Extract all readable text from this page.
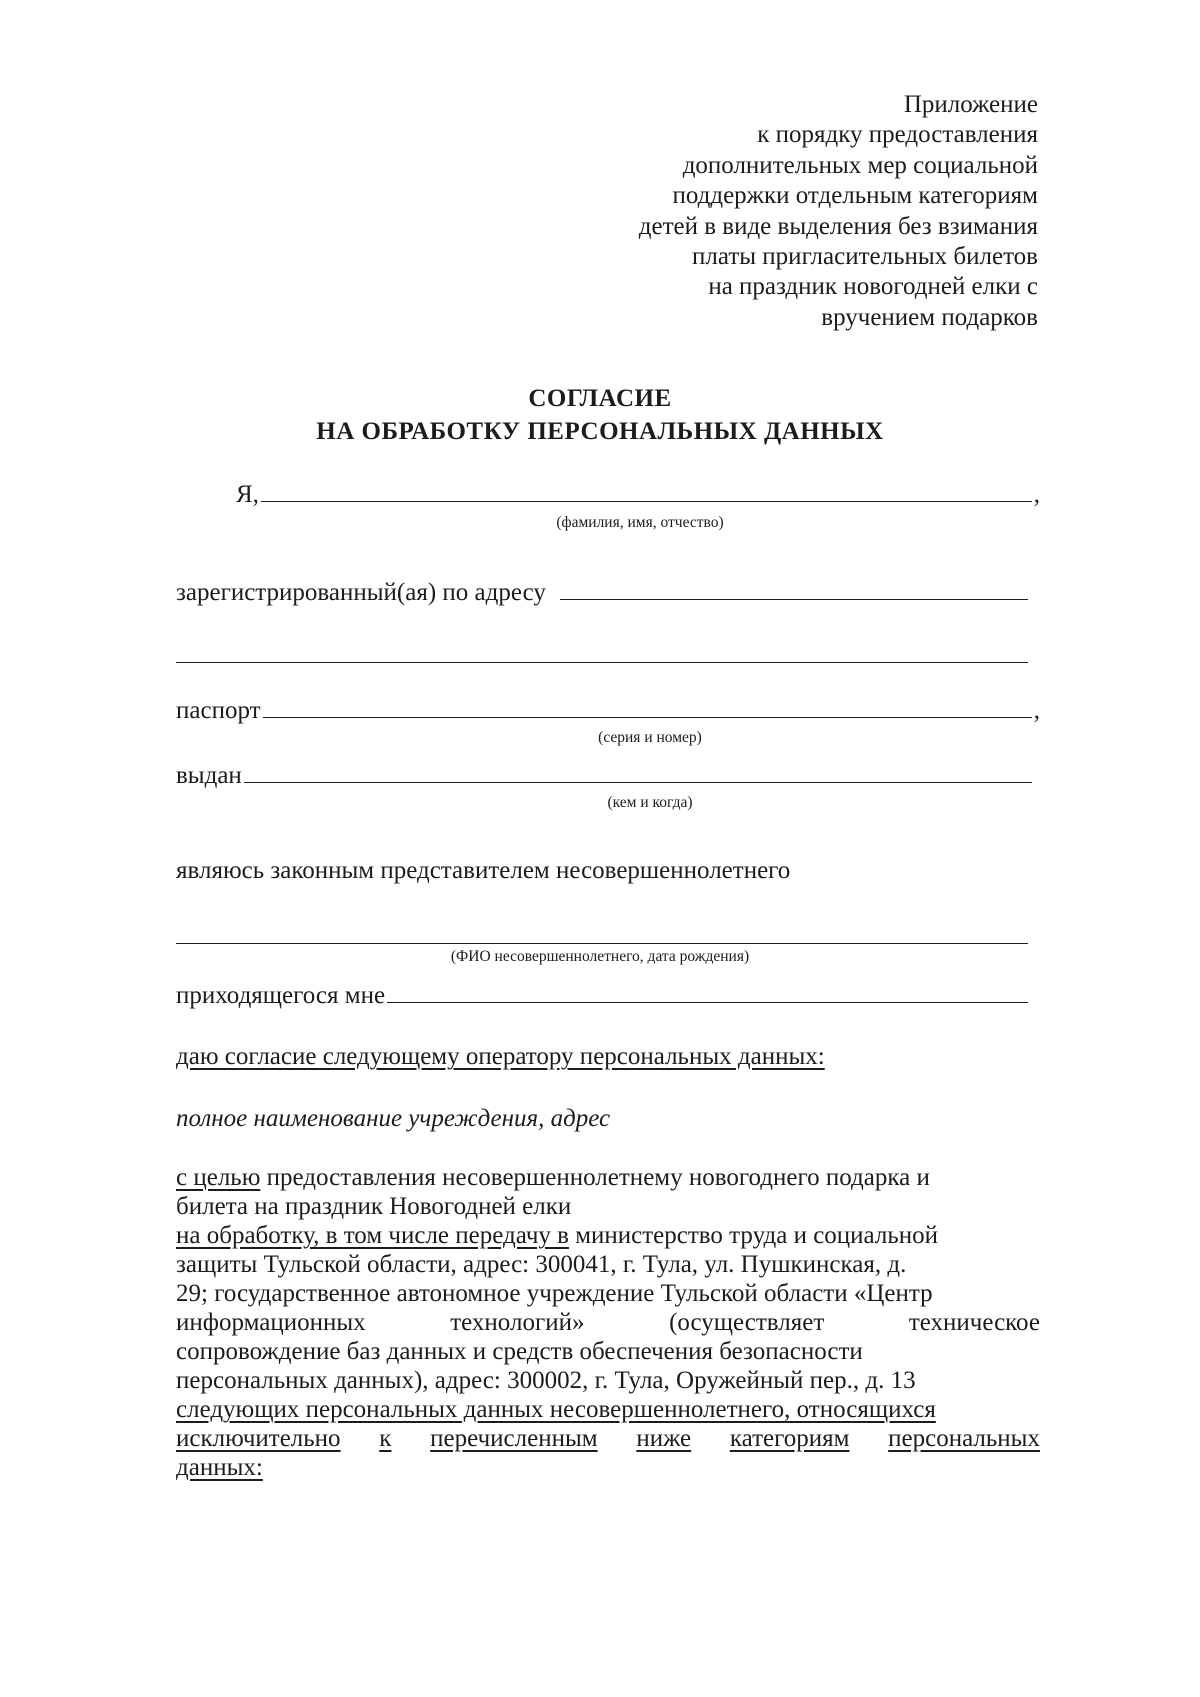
Приложение
к порядку предоставления
дополнительных мер социальной
поддержки отдельным категориям
детей в виде выделения без взимания
платы пригласительных билетов
на праздник новогодней елки с
вручением подарков
СОГЛАСИЕ
НА ОБРАБОТКУ ПЕРСОНАЛЬНЫХ ДАННЫХ
Я,	,
(фамилия, имя, отчество)
зарегистрированный(ая) по адресу
паспорт	,
(серия и номер)
выдан
(кем и когда)
являюсь законным представителем несовершеннолетнего
(ФИО несовершеннолетнего, дата рождения)
приходящегося мне
даю согласие следующему оператору персональных данных:
полное наименование учреждения, адрес
с целью предоставления несовершеннолетнему новогоднего подарка и
билета на праздник Новогодней елки
на обработку, в том числе передачу в министерство труда и социальной
защиты Тульской области, адрес: 300041, г. Тула, ул. Пушкинская, д.
29; государственное автономное учреждение Тульской области «Центр
информационных	технологий»	(осуществляет	техническое
сопровождение баз данных и средств обеспечения безопасности
персональных данных), адрес: 300002, г. Тула, Оружейный пер., д. 13
следующих персональных данных несовершеннолетнего, относящихся
исключительно к перечисленным ниже категориям персональных
данных:
